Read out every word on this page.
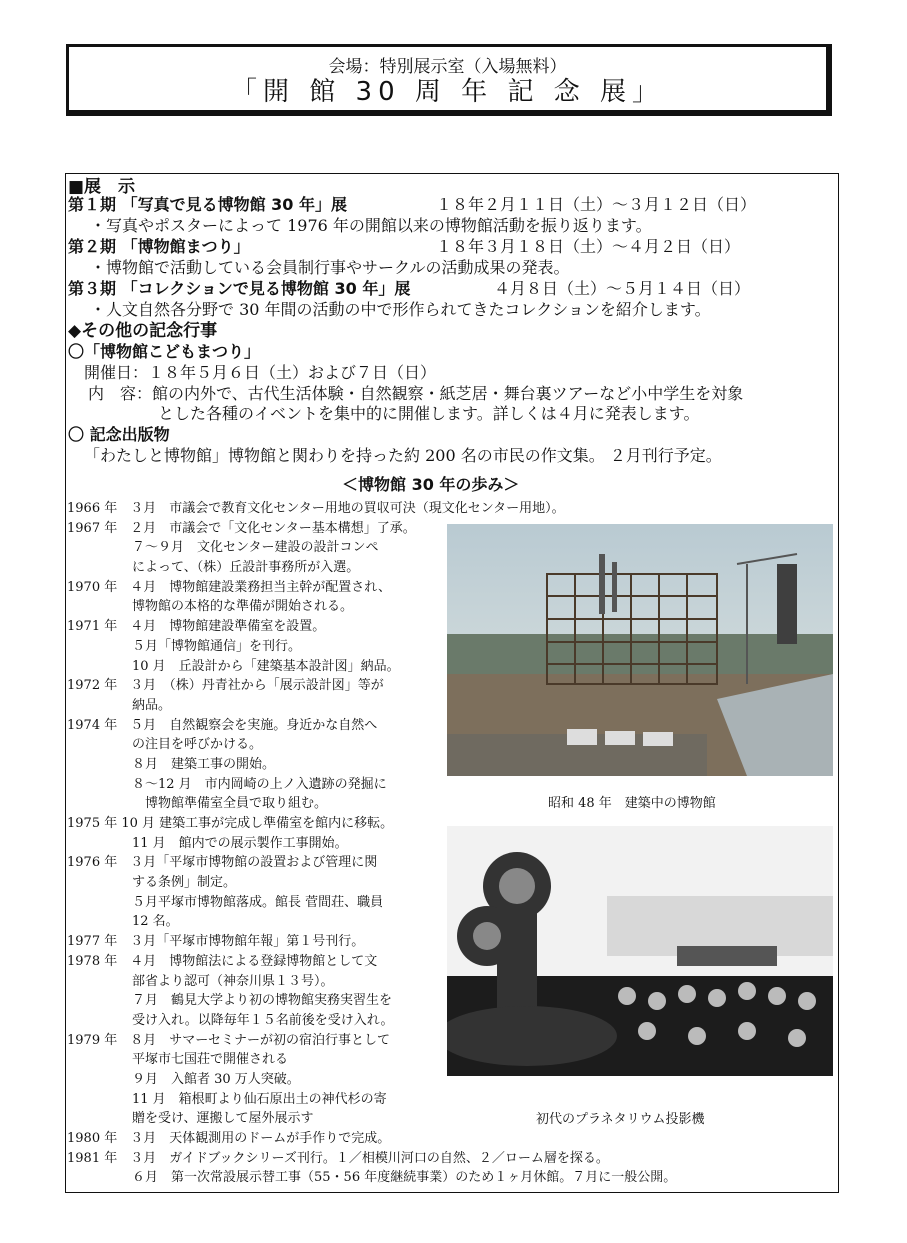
会場：特別展示室（入場無料）
「開 館 30 周 年 記 念 展」
■展　示
第１期 「写真で見る博物館 30 年」展	１８年２月１１日（土）～３月１２日（日）
・写真やポスターによって 1976 年の開館以来の博物館活動を振り返ります。
第２期 「博物館まつり」	１８年３月１８日（土）～４月２日（日）
・博物館で活動している会員制行事やサークルの活動成果の発表。
第３期 「コレクションで見る博物館 30 年」展	４月８日（土）～５月１４日（日）
・人文自然各分野で 30 年間の活動の中で形作られてきたコレクションを紹介します。
◆その他の記念行事
〇「博物館こどもまつり」
開催日：１８年５月６日（土）および７日（日）
内　容：館の内外で、古代生活体験・自然観察・紙芝居・舞台裏ツアーなど小中学生を対象
とした各種のイベントを集中的に開催します。詳しくは４月に発表します。
〇 記念出版物
「わたしと博物館」博物館と関わりを持った約 200 名の市民の作文集。 ２月刊行予定。
＜博物館 30 年の歩み＞
1966 年　３月　市議会で教育文化センター用地の買収可決（現文化センター用地）。
1967 年　２月　市議会で「文化センター基本構想」了承。
　　　　　７～９月　文化センター建設の設計コンペ
　　　　　によって、（株）丘設計事務所が入選。
1970 年　４月　博物館建設業務担当主幹が配置され、
　　　　　博物館の本格的な準備が開始される。
1971 年　４月　博物館建設準備室を設置。
　　　　　５月「博物館通信」を刊行。
　　　　　10 月　丘設計から「建築基本設計図」納品。
1972 年　３月　（株）丹青社から「展示設計図」等が
　　　　　納品。
1974 年　５月　自然観察会を実施。身近かな自然へ
　　　　　の注目を呼びかける。
　　　　　８月　建築工事の開始。
　　　　　８～12 月　市内岡崎の上ノ入遺跡の発掘に
　　　　　　博物館準備室全員で取り組む。
1975 年 10 月 建築工事が完成し準備室を館内に移転。
　　　　　11 月　館内での展示製作工事開始。
1976 年　３月「平塚市博物館の設置および管理に関
　　　　　する条例」制定。
　　　　　５月平塚市博物館落成。館長 菅間荘、職員
　　　　　12 名。
1977 年　３月「平塚市博物館年報」第１号刊行。
1978 年　４月　博物館法による登録博物館として文
　　　　　部省より認可（神奈川県１３号）。
　　　　　７月　鶴見大学より初の博物館実務実習生を
　　　　　受け入れ。以降毎年１５名前後を受け入れ。
1979 年　８月　サマーセミナーが初の宿泊行事として
　　　　　平塚市七国荘で開催される
　　　　　９月　入館者 30 万人突破。
　　　　　11 月　箱根町より仙石原出土の神代杉の寄
　　　　　贈を受け、運搬して屋外展示す
1980 年　３月　天体観測用のドームが手作りで完成。
1981 年　３月　ガイドブックシリーズ刊行。１／相模川河口の自然、２／ローム層を探る。
　　　　　６月　第一次常設展示替工事（55・56 年度継続事業）のため１ヶ月休館。７月に一般公開。
昭和 48 年　建築中の博物館
初代のプラネタリウム投影機
